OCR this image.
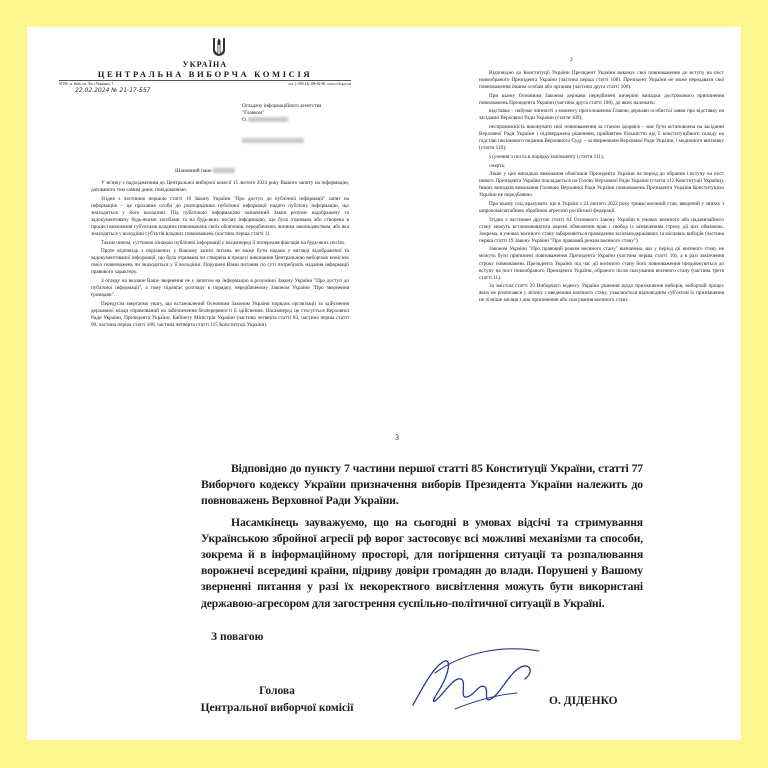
УКРАЇНА
ЦЕНТРАЛЬНА ВИБОРЧА КОМІСІЯ
01196, м. Київ, пл. Лесі Українки, 1	тел. (+380 44) 286-82-88, www.cvk.gov.ua
22.02.2024 № 21-17-557
Огладачу інформаційного агентства
"Главком"
О.
Шановний пане

У зв'язку з надходженням до Центральної виборчої комісії 15 лютого 2024 року Вашого запиту на інформацію, датованого тим самим днем, повідомляємо.

Згідно з частиною першою статті 19 Закону України "Про доступ до публічної інформації" запит на інформацію – це прохання особи до розпорядника публічної інформації надати публічну інформацію, що знаходиться у його володінні. Під публічною інформацією зазначений Закон розуміє відображену та задокументовану будь-якими засобами та на будь-яких носіях інформацію, що була отримана або створена в процесі виконання суб'єктами владних повноважень своїх обов'язків, передбачених чинним законодавством, або яка знаходиться у володінні суб'єктів владних повноважень (частина перша статті 1).

Таким чином, суттєвою ознакою публічної інформації є насамперед її попередня фіксація на будь-яких носіях.

Проте відповідь з порушених у Вашому запиті питань не може бути надана у вигляді відображеної та задокументованої інформації, що була отримана чи створена в процесі виконання Центральною виборчою комісією своїх повноважень чи знаходиться у її володінні. Порушені Вами питання по суті потребують надання інформації правового характеру.

З огляду на вказане Ваше звернення не є запитом на інформацію в розумінні Закону України "Про доступ до публічної інформації", а тому підлягає розгляду в порядку, передбаченому Законом України "Про звернення громадян".

Передусім звертаємо увагу, що встановлений Основним Законом України порядок організації та здійснення державної влади спрямований на забезпечення безперервності її здійснення. Насамперед це стосується Верховної Ради України, Президента України, Кабінету Міністрів України (частина четверта статті 83, частина перша статті 90, частина перша статті 108, частина четверта статті 115 Конституції України).

2

Відповідно до Конституції України Президент України виконує свої повноваження до вступу на пост новообраного Президента України (частина перша статті 108). Президент України не може передавати свої повноваження іншим особам або органам (частина друга статті 106).

При цьому Основним Законом держави передбачені вичерпні випадки дострокового припинення повноважень Президента України (частина друга статті 108), до яких належать:

відставка – набуває чинності з моменту проголошення Главою держави особистої заяви про відставку на засіданні Верховної Ради України (стаття 109);

неспроможність виконувати свої повноваження за станом здоров'я – має бути встановлена на засіданні Верховної Ради України і підтверджена рішенням, прийнятим більшістю від її конституційного складу на підставі письмового подання Верховного Суду – за зверненням Верховної Ради України, і медичного висновку (стаття 110);

усунення з поста в порядку імпічменту (стаття 111);

смерть.

Лише у цих випадках виконання обов'язків Президента України на період до обрання і вступу на пост нового Президента України покладається на Голову Верховної Ради України (стаття 112 Конституції України). Інших випадків виконання Головою Верховної Ради України повноважень Президента України Конституцією України не передбачено.

При цьому слід врахувати, що в Україні з 24 лютого 2022 року триває воєнний стан, введений у зв'язку з широкомасштабною збройною агресією російської федерації.

Згідно з частиною другою статті 64 Основного Закону України в умовах воєнного або надзвичайного стану можуть встановлюватися окремі обмеження прав і свобод із зазначенням строку дії цих обмежень. Зокрема, в умовах воєнного стану забороняється проведення загальнодержавних та місцевих виборів (частина перша статті 19 Закону України "Про правовий режим воєнного стану").

Законом України "Про правовий режим воєнного стану" визначено, що у період дії воєнного стану не можуть бути припинені повноваження Президента України (частина перша статті 10), а в разі закінчення строку повноважень Президента України під час дії воєнного стану його повноваження продовжуються до вступу на пост новообраного Президента України, обраного після скасування воєнного стану (частина третя статті 11).

За змістом статті 20 Виборчого кодексу України рішення щодо призначення виборів, виборчий процес яких не розпочався у зв'язку з введенням воєнного стану, ухвалюється відповідним суб'єктом їх призначення не пізніше місяця з дня припинення або скасування воєнного стану.

3

Відповідно до пункту 7 частини першої статті 85 Конституції України, статті 77 Виборчого кодексу України призначення виборів Президента України належить до повноважень Верховної Ради України.

Насамкінець зауважуємо, що на сьогодні в умовах відсічі та стримування Українською збройної агресії рф ворог застосовує всі можливі механізми та способи, зокрема й в інформаційному просторі, для погіршення ситуації та розпалювання ворожнечі всередині країни, підриву довіри громадян до влади. Порушені у Вашому зверненні питання у разі їх некоректного висвітлення можуть бути використані державою-агресором для загострення суспільно-політичної ситуації в Україні.

З повагою
Голова
Центральної виборчої комісії
О. ДІДЕНКО
